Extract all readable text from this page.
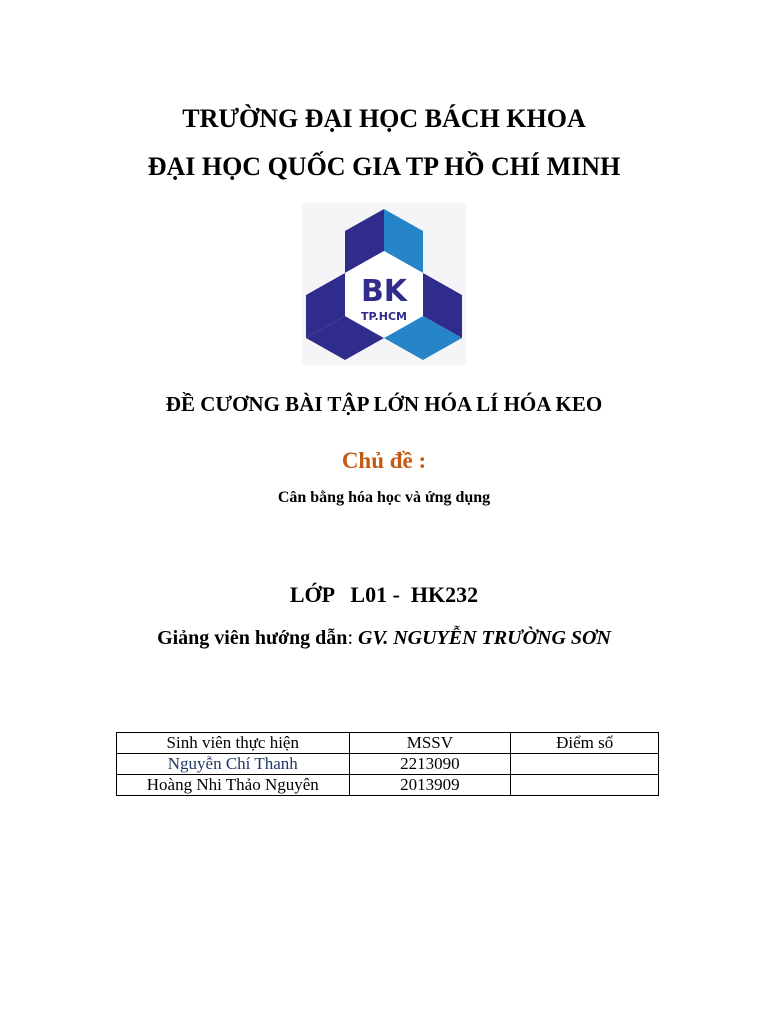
TRƯỜNG ĐẠI HỌC BÁCH KHOA
ĐẠI HỌC QUỐC GIA TP HỒ CHÍ MINH
BK
TP.HCM
ĐỀ CƯƠNG BÀI TẬP LỚN HÓA LÍ HÓA KEO
Chủ đề :
Cân bằng hóa học và ứng dụng
LỚP L01 - HK232
Giảng viên hướng dẫn: GV. NGUYỄN TRƯỜNG SƠN
Sinh viên thực hiện	MSSV	Điểm số
Nguyễn Chí Thanh	2213090	
Hoàng Nhi Thảo Nguyên	2013909	
